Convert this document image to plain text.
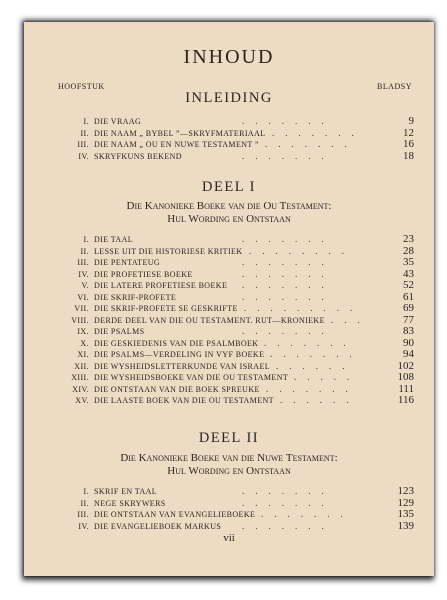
INHOUD
HOOFSTUK	BLADSY
INLEIDING
I. DIE VRAAG	9
.......
II. DIE NAAM „ BYBEL ”—SKRYFMATERIAAL	12
.......
III. DIE NAAM „ OU EN NUWE TESTAMENT ”	16
.......
IV. SKRYFKUNS BEKEND	18
.......
DEEL I
Die Kanonieke Boeke van die Ou Testament:
Hul Wording en Ontstaan
I. DIE TAAL	23
.......
II. LESSE UIT DIE HISTORIESE KRITIEK	28
........
III. DIE PENTATEUG	35
.......
IV. DIE PROFETIESE BOEKE	43
.......
V. DIE LATERE PROFETIESE BOEKE	52
.......
VI. DIE SKRIF-PROFETE	61
.......
VII. DIE SKRIF-PROFETE SE GESKRIFTE	69
.........
VIII. DERDE DEEL VAN DIE OU TESTAMENT. RUT—KRONIEKE	77
...
IX. DIE PSALMS	83
.......
X. DIE GESKIEDENIS VAN DIE PSALMBOEK	90
.......
XI. DIE PSALMS—VERDELING IN VYF BOEKE	94
.......
XII. DIE WYSHEIDSLETTERKUNDE VAN ISRAEL	102
......
XIII. DIE WYSHEIDSBOEKE VAN DIE OU TESTAMENT	108
.....
XIV. DIE ONTSTAAN VAN DIE BOEK SPREUKE	111
.......
XV. DIE LAASTE BOEK VAN DIE OU TESTAMENT	116
......
DEEL II
Die Kanonieke Boeke van die Nuwe Testament:
Hul Wording en Ontstaan
I. SKRIF EN TAAL	123
.......
II. NEGE SKRYWERS	129
.......
III. DIE ONTSTAAN VAN EVANGELIEBOEKE	135
.......
IV. DIE EVANGELIEBOEK MARKUS	139
.......
vii
